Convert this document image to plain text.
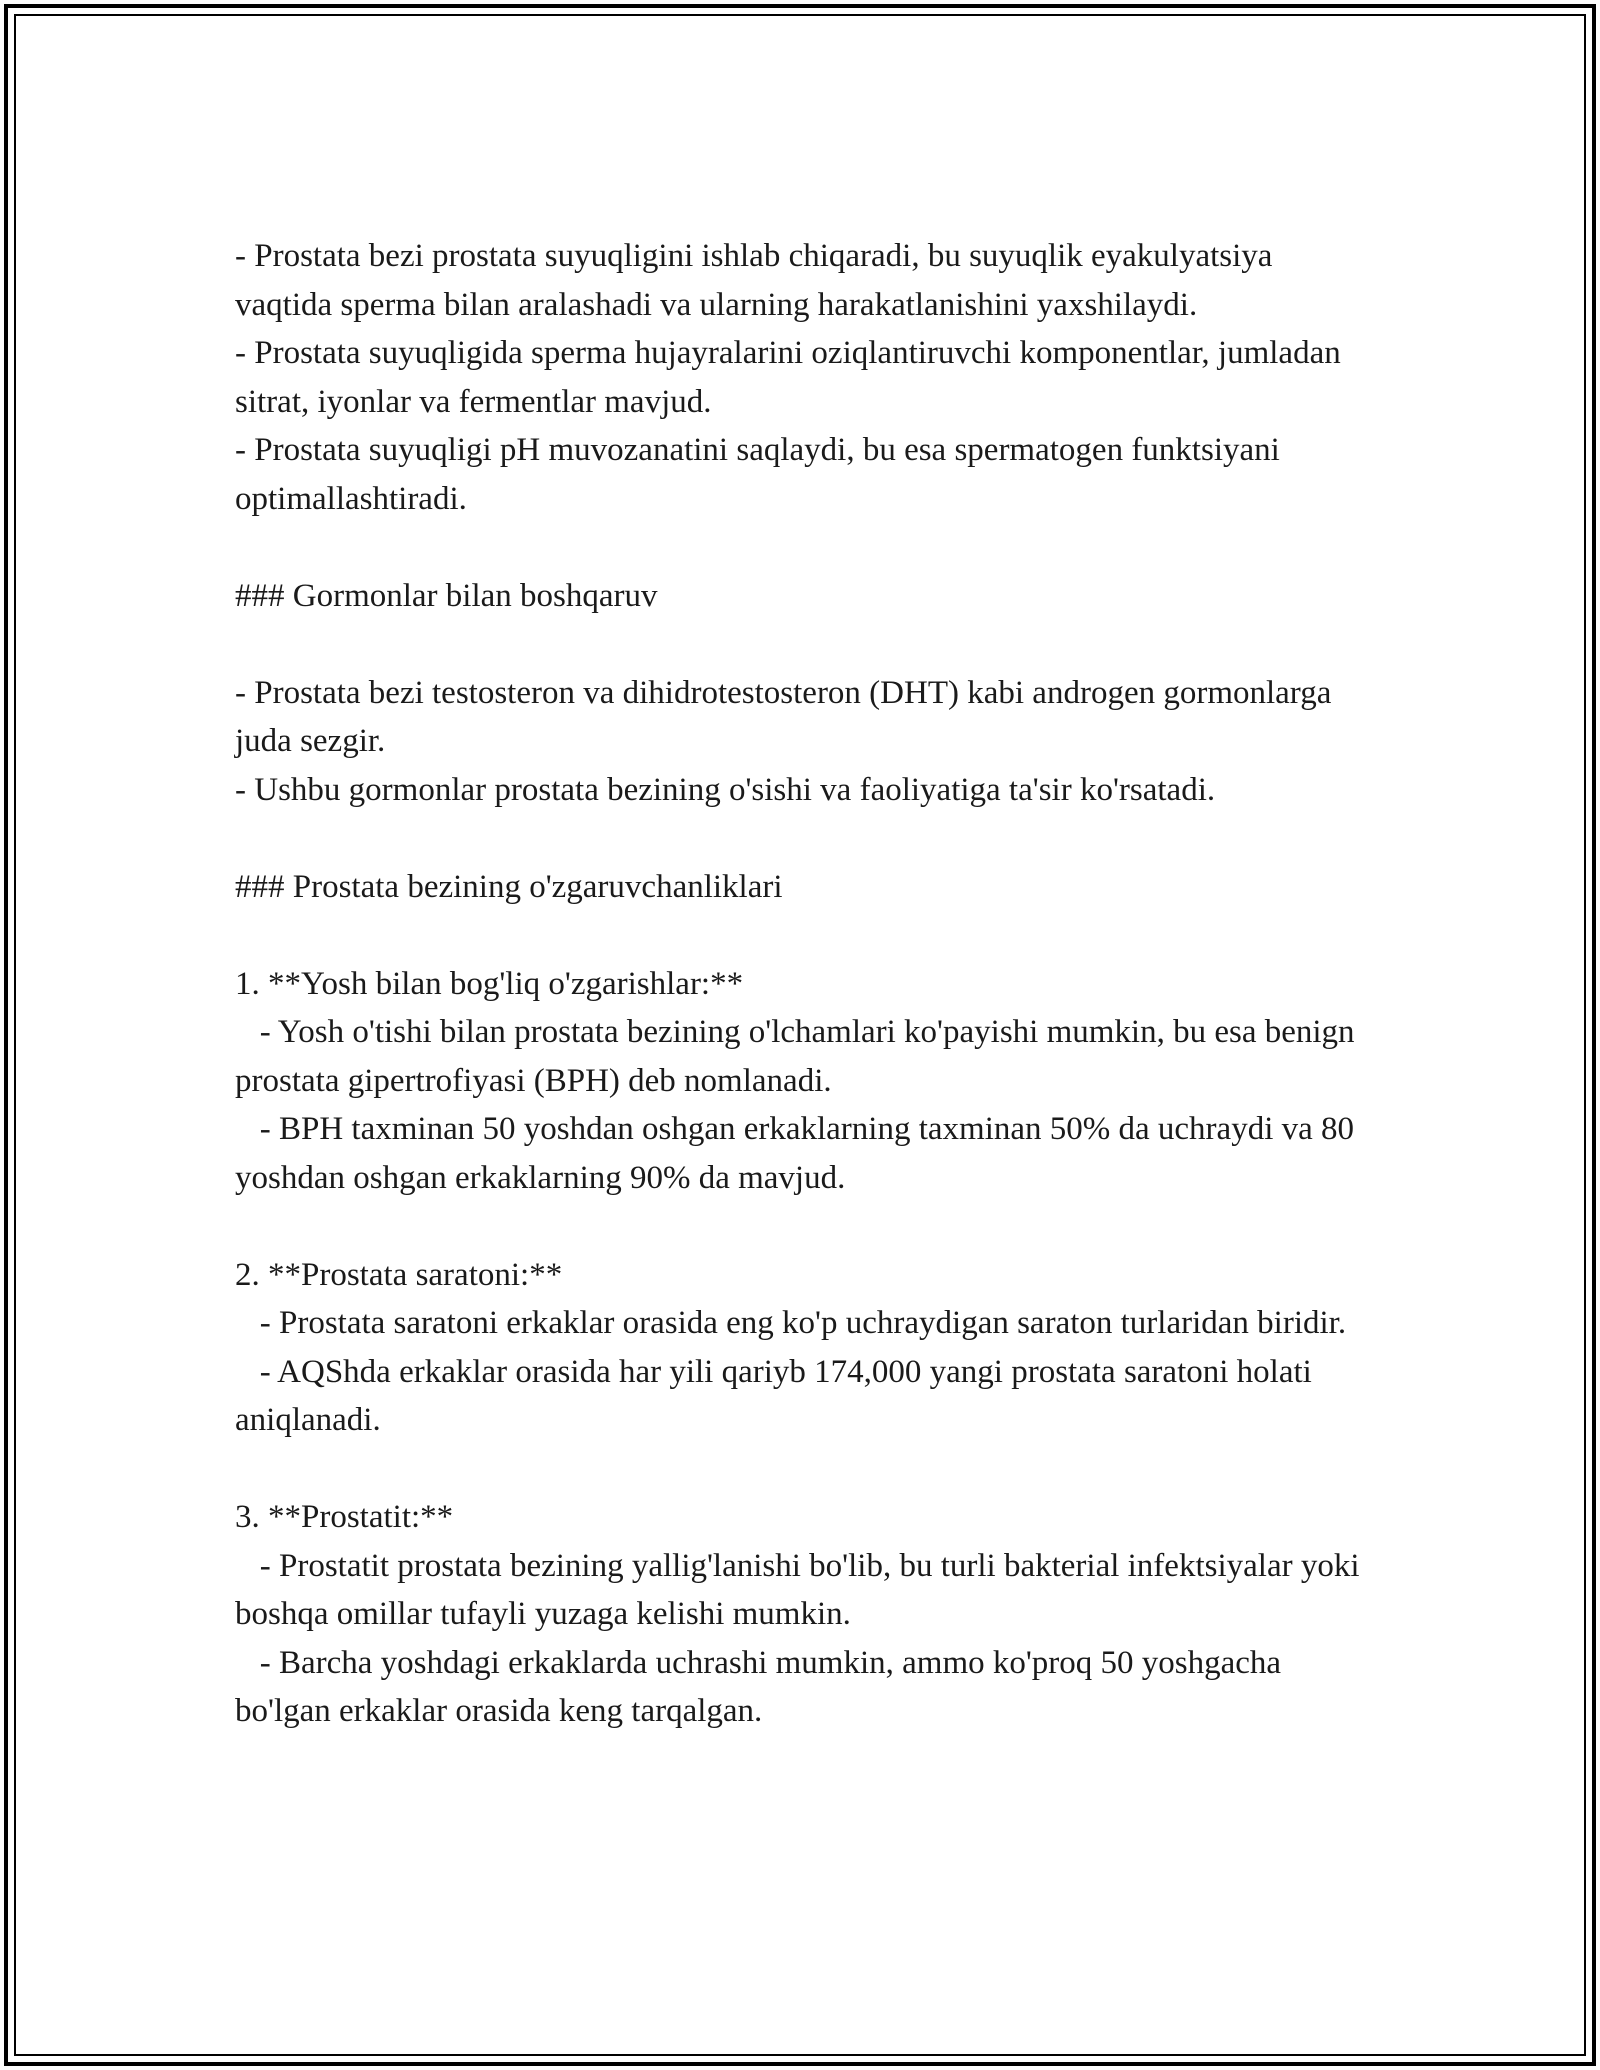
- Prostata bezi prostata suyuqligini ishlab chiqaradi, bu suyuqlik eyakulyatsiya vaqtida sperma bilan aralashadi va ularning harakatlanishini yaxshilaydi.

- Prostata suyuqligida sperma hujayralarini oziqlantiruvchi komponentlar, jumladan sitrat, iyonlar va fermentlar mavjud.

- Prostata suyuqligi pH muvozanatini saqlaydi, bu esa spermatogen funktsiyani optimallashtiradi.

### Gormonlar bilan boshqaruv

- Prostata bezi testosteron va dihidrotestosteron (DHT) kabi androgen gormonlarga juda sezgir.

- Ushbu gormonlar prostata bezining o'sishi va faoliyatiga ta'sir ko'rsatadi.

### Prostata bezining o'zgaruvchanliklari

1. **Yosh bilan bog'liq o'zgarishlar:**

- Yosh o'tishi bilan prostata bezining o'lchamlari ko'payishi mumkin, bu esa benign prostata gipertrofiyasi (BPH) deb nomlanadi.

- BPH taxminan 50 yoshdan oshgan erkaklarning taxminan 50% da uchraydi va 80 yoshdan oshgan erkaklarning 90% da mavjud.

2. **Prostata saratoni:**

- Prostata saratoni erkaklar orasida eng ko'p uchraydigan saraton turlaridan biridir.

- AQShda erkaklar orasida har yili qariyb 174,000 yangi prostata saratoni holati aniqlanadi.

3. **Prostatit:**

- Prostatit prostata bezining yallig'lanishi bo'lib, bu turli bakterial infektsiyalar yoki boshqa omillar tufayli yuzaga kelishi mumkin.

- Barcha yoshdagi erkaklarda uchrashi mumkin, ammo ko'proq 50 yoshgacha bo'lgan erkaklar orasida keng tarqalgan.
